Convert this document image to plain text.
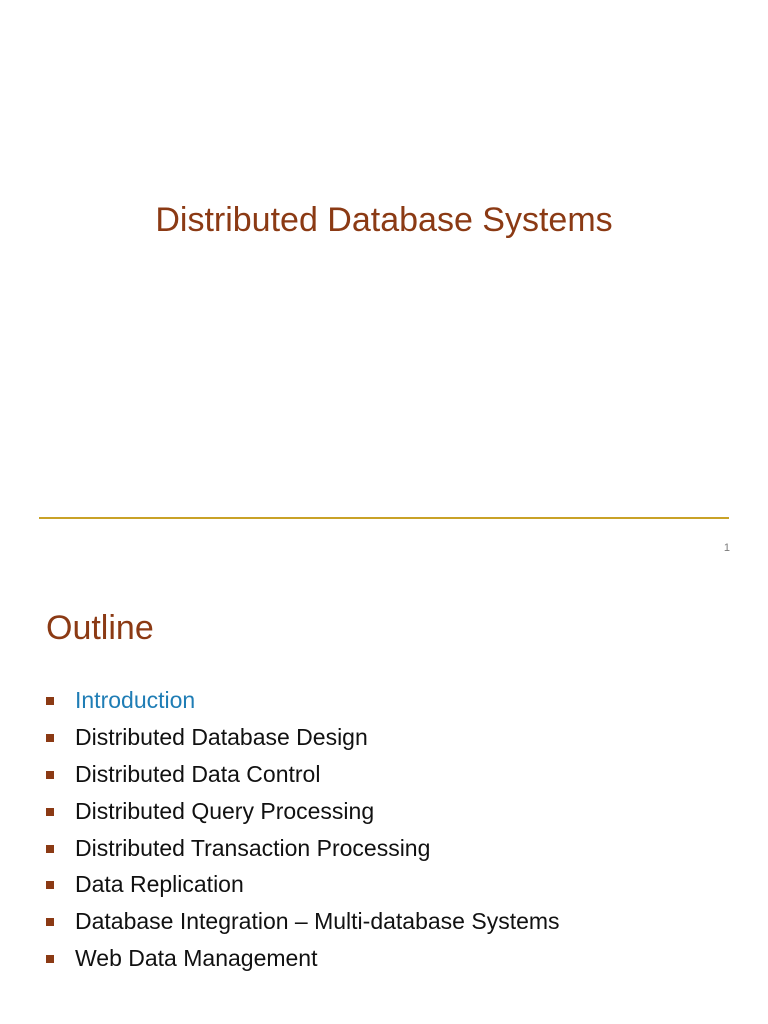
Distributed Database Systems
1
Outline
Introduction
Distributed Database Design
Distributed Data Control
Distributed Query Processing
Distributed Transaction Processing
Data Replication
Database Integration – Multi-database Systems
Web Data Management
